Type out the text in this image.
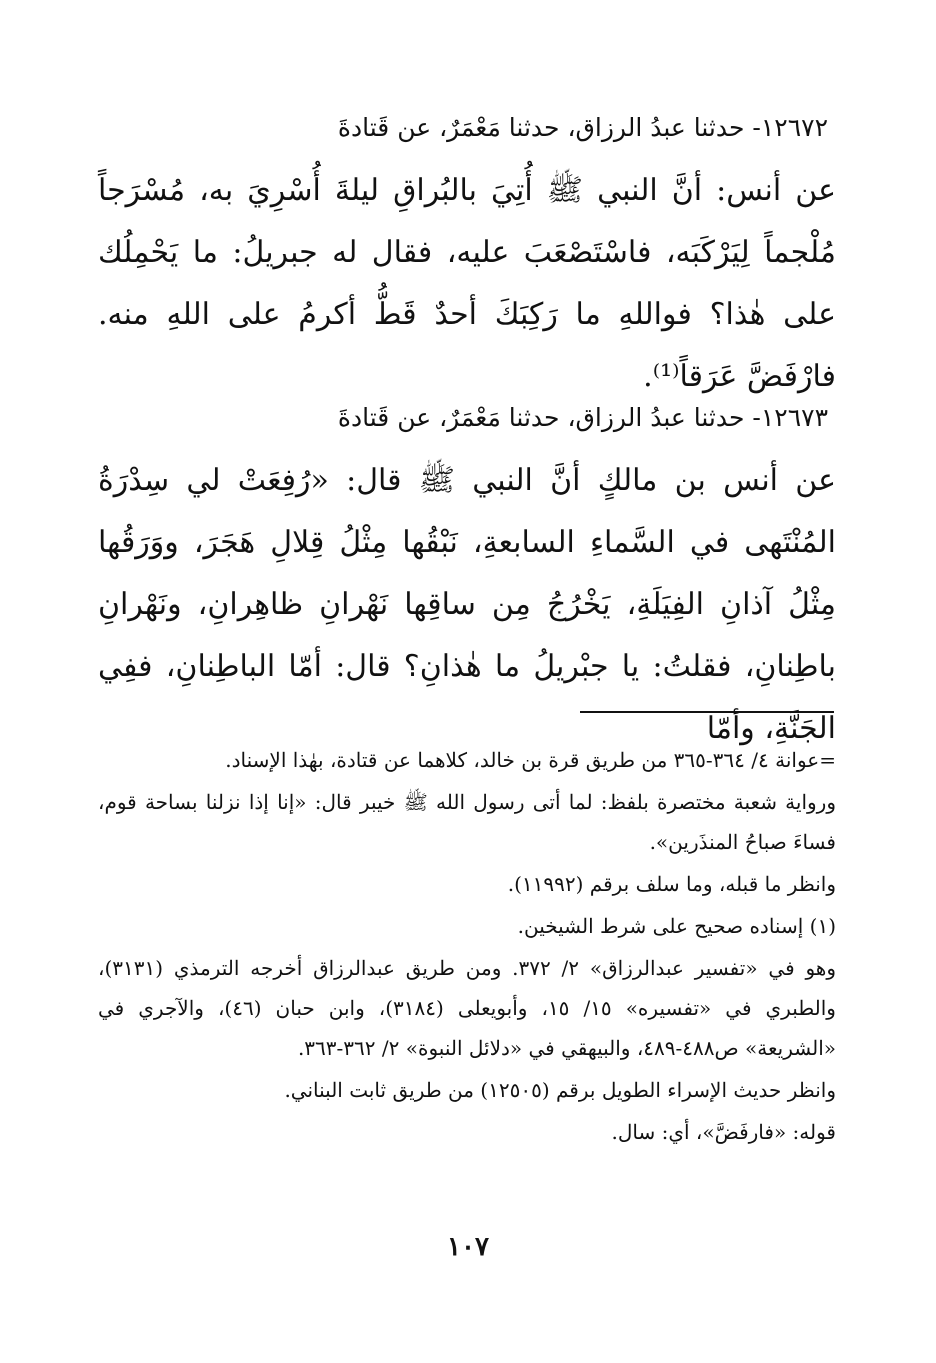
١٢٦٧٢- حدثنا عبدُ الرزاق، حدثنا مَعْمَرٌ، عن قَتادةَ
عن أنس: أنَّ النبي ﷺ أُتِيَ بالبُراقِ ليلةَ أُسْرِيَ به، مُسْرَجاً مُلْجماً لِيَرْكَبَه، فاسْتَصْعَبَ عليه، فقال له جبريلُ: ما يَحْمِلُك على هٰذا؟ فواللهِ ما رَكِبَكَ أحدٌ قَطُّ أكرمُ على اللهِ منه. فارْفَضَّ عَرَقاً⁽¹⁾.
١٢٦٧٣- حدثنا عبدُ الرزاق، حدثنا مَعْمَرٌ، عن قَتادةَ
عن أنس بن مالكٍ أنَّ النبي ﷺ قال: «رُفِعَتْ لي سِدْرَةُ المُنْتَهى في السَّماءِ السابعةِ، نَبْقُها مِثْلُ قِلالِ هَجَرَ، ووَرَقُها مِثْلُ آذانِ الفِيَلَةِ، يَخْرُجُ مِن ساقِها نَهْرانِ ظاهِرانِ، ونَهْرانِ باطِنانِ، فقلتُ: يا جبْريلُ ما هٰذانِ؟ قال: أمّا الباطِنانِ، ففِي الجَنَّةِ، وأمّا

=عوانة ٤/ ٣٦٤-٣٦٥ من طريق قرة بن خالد، كلاهما عن قتادة، بهٰذا الإسناد.

ورواية شعبة مختصرة بلفظ: لما أتى رسول الله ﷺ خيبر قال: «إنا إذا نزلنا بساحة قوم، فساءَ صباحُ المنذَرين».

وانظر ما قبله، وما سلف برقم (١١٩٩٢).

(١) إسناده صحيح على شرط الشيخين.

وهو في «تفسير عبدالرزاق» ٢/ ٣٧٢. ومن طريق عبدالرزاق أخرجه الترمذي (٣١٣١)، والطبري في «تفسيره» ١٥/ ١٥، وأبويعلى (٣١٨٤)، وابن حبان (٤٦)، والآجري في «الشريعة» ص٤٨٨-٤٨٩، والبيهقي في «دلائل النبوة» ٢/ ٣٦٢-٣٦٣.

وانظر حديث الإسراء الطويل برقم (١٢٥٠٥) من طريق ثابت البناني.

قوله: «فارفَضَّ»، أي: سال.

١٠٧
